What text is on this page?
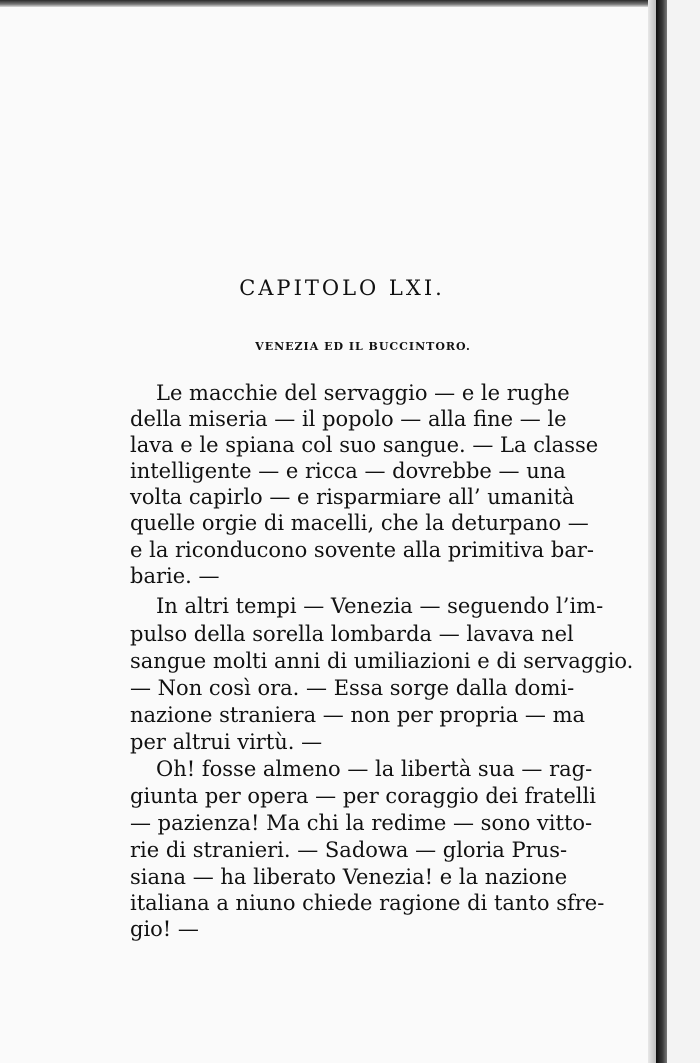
CAPITOLO LXI.
VENEZIA ED IL BUCCINTORO.
Le macchie del servaggio — e le rughe
della miseria — il popolo — alla fine — le
lava e le spiana col suo sangue. — La classe
intelligente — e ricca — dovrebbe — una
volta capirlo — e risparmiare all’ umanità
quelle orgie di macelli, che la deturpano —
e la riconducono sovente alla primitiva bar-
barie. —
In altri tempi — Venezia — seguendo l’im-
pulso della sorella lombarda — lavava nel
sangue molti anni di umiliazioni e di servaggio.
— Non così ora. — Essa sorge dalla domi-
nazione straniera — non per propria — ma
per altrui virtù. —
Oh! fosse almeno — la libertà sua — rag-
giunta per opera — per coraggio dei fratelli
— pazienza! Ma chi la redime — sono vitto-
rie di stranieri. — Sadowa — gloria Prus-
siana — ha liberato Venezia! e la nazione
italiana a niuno chiede ragione di tanto sfre-
gio! —
